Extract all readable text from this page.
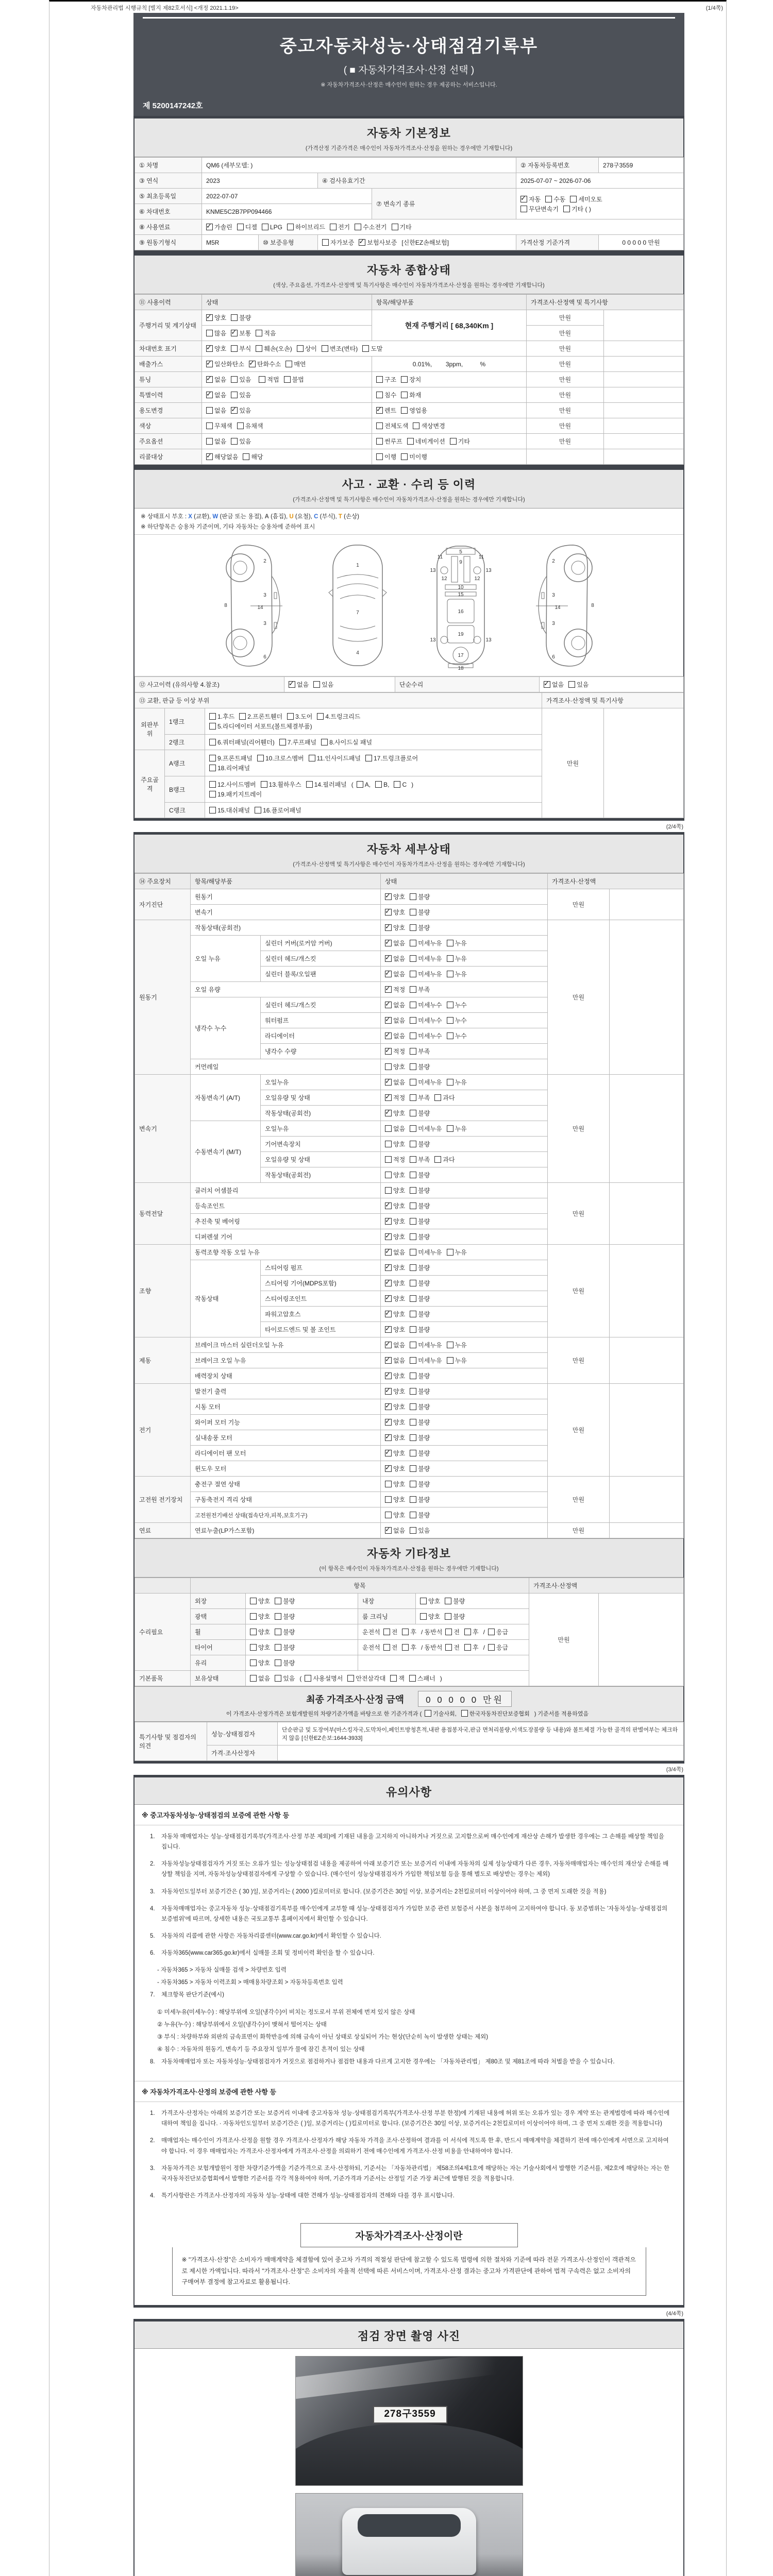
자동차관리법 시행규칙 [별지 제82호서식] <개정 2021.1.19>	(1/4쪽)
중고자동차성능·상태점검기록부
( ■ 자동차가격조사·산정 선택 )
※ 자동차가격조사·산정은 매수인이 원하는 경우 제공하는 서비스입니다.
제 5200147242호
자동차 기본정보
(가격산정 기준가격은 매수인이 자동차가격조사·산정을 원하는 경우에만 기재합니다)
① 차명	QM6 (세부모델: )				② 자동차등록번호	278구3559
③ 연식	2023		④ 검사유효기간		2025-07-07 ~ 2026-07-06	
⑤ 최초등록일	2022-07-07			⑦ 변속기 종류	
✓자동 수동 세미오토
무단변속기 기타 ( )

⑥ 차대번호	KNME5C2B7PP094466					
⑧ 사용연료	✓가솔린 디젤 LPG 하이브리드 전기 수소전기 기타
⑨ 원동기형식	M5R	⑩ 보증유형	자가보증 ✓ 보험사보증 [신한EZ손해보험]		가격산정 기준가격	0 0 0 0 0 만원
자동차 종합상태
(색상, 주요옵션, 가격조사·산정액 및 특기사항은 매수인이 자동차가격조사·산정을 원하는 경우에만 기재합니다)
⑪ 사용이력	상태	항목/해당부품	가격조사·산정액 및 특기사항	
주행거리 및 계기상태	✓양호 불량	현재 주행거리 [ 68,340Km ]	만원	
	많음 ✓ 보통 적음		만원	
차대번호 표기	✓양호 부식 훼손(오손) 상이 변조(변타) 도말		만원	
배출가스	✓일산화탄소 ✓ 탄화수소 매연	0.01%,        3ppm,          %	만원	
튜닝	✓없음 있음 적법 불법	구조 장치	만원	
특별이력	✓없음 있음	침수 화재	만원	
용도변경	없음 ✓ 있음	✓렌트 영업용	만원	
색상	무채색 유채색	전체도색 색상변경	만원	
주요옵션	없음 있음	썬루프 네비게이션 기타	만원	
리콜대상	✓해당없음 해당	이행 미이행		
사고 · 교환 · 수리 등 이력
(가격조사·산정액 및 특기사항은 매수인이 자동차가격조사·산정을 원하는 경우에만 기재합니다)
※ 상태표시 부호 : X (교환), W (판금 또는 용접), A (흠집), U (요철), C (부식), T (손상)
※ 하단항목은 승용차 기준이며, 기타 자동차는 승용차에 준하여 표시
2
3
14
3
6
8
1
7
4
5
9
11	11
12	12
10
15
16
13	13
13	13
19
17
18
2
3
14
3
6
8
⑫ 사고이력 (유의사항 4.참조)	✓없음 있음	단순수리	✓없음 있음
⑬ 교환, 판금 등 이상 부위			가격조사·산정액 및 특기사항	
외판부위	1랭크	1.후드 2.프론트휀더 3.도어 4.트렁크리드
5.라디에이터 서포트(볼트체결부품)	만원	
	2랭크	6.쿼터패널(리어휀더) 7.루프패널 8.사이드실 패널		
주요골격	A랭크	9.프론트패널 10.크로스멤버 11.인사이드패널 17.트렁크플로어
18.리어패널		

	B랭크	12.사이드멤버 13.휠하우스 14.필러패널 ( A, B, C )
19.패키지트레이		

	C랭크	15.대쉬패널 16.플로어패널		
(2/4쪽)
자동차 세부상태
(가격조사·산정액 및 특기사항은 매수인이 자동차가격조사·산정을 원하는 경우에만 기재합니다)
⑭ 주요장치	항목/해당부품		상태	가격조사·산정액	
자기진단	원동기	✓양호 불량	만원	
	변속기	✓양호 불량
원동기	작동상태(공회전)	✓양호 불량	만원	
	오일 누유	실린더 커버(로커암 커버)	✓없음 미세누유 누유
		실린더 헤드/개스킷	✓없음 미세누유 누유
		실린더 블록/오일팬	✓없음 미세누유 누유
	오일 유량	✓적정 부족
	냉각수 누수	실린더 헤드/개스킷	✓없음 미세누수 누수
		워터펌프	✓없음 미세누수 누수
		라디에이터	✓없음 미세누수 누수
		냉각수 수량	✓적정 부족
	커먼레일		양호 불량		
변속기	자동변속기 (A/T)	오일누유	✓없음 미세누유 누유	만원	
		오일유량 및 상태	✓적정 부족 과다
		작동상태(공회전)	✓양호 불량
	수동변속기 (M/T)	오일누유	없음 미세누유 누유		
		기어변속장치	양호 불량		
		오일유량 및 상태	적정 부족 과다		
		작동상태(공회전)	양호 불량		
동력전달	클러치 어셈블리		양호 불량	만원	
	등속조인트	✓양호 불량
	추진축 및 베어링	✓양호 불량
	디퍼렌셜 기어	✓양호 불량
조향	동력조향 작동 오일 누유	✓없음 미세누유 누유	만원	
	작동상태	스티어링 펌프	✓양호 불량
		스티어링 기어(MDPS포함)	✓양호 불량
		스티어링조인트	✓양호 불량
		파워고압호스	✓양호 불량
		타이로드엔드 및 볼 조인트	✓양호 불량
제동	브레이크 마스터 실린더오일 누유	✓없음 미세누유 누유	만원	
	브레이크 오일 누유	✓없음 미세누유 누유
	배력장치 상태	✓양호 불량
전기	발전기 출력	✓양호 불량	만원	
	시동 모터	✓양호 불량
	와이퍼 모터 기능	✓양호 불량
	실내송풍 모터	✓양호 불량
	라디에이터 팬 모터	✓양호 불량
	윈도우 모터	✓양호 불량
고전원 전기장치	충전구 절연 상태		양호 불량	만원	
	구동축전지 격리 상태		양호 불량		
	고전원전기배선 상태(접속단자,피복,보호기구)		양호 불량		
연료	연료누출(LP가스포함)	✓없음 있음	만원	
자동차 기타정보
(이 항목은 매수인이 자동차가격조사·산정을 원하는 경우에만 기재합니다)
	항목				가격조사·산정액	
수리필요	외장	양호 불량	내장	양호 불량	만원	
	광택	양호 불량	룸 크리닝	양호 불량		
	휠	양호 불량	운전석 전 후 / 동반석 전 후 / 응급			
	타이어	양호 불량	운전석 전 후 / 동반석 전 후 / 응급			
	유리	양호 불량				
기본품목	보유상태	없음 있음 ( 사용설명서 안전삼각대 잭 스패너 )				
최종 가격조사·산정 금액 0 0 0 0 0 만원
이 가격조사·산정가격은 보험개발원의 차량기준가액을 바탕으로 한 기준가격과 ( 기술사회, 한국자동차진단보증협회 ) 기준서를 적용하였음
특기사항 및 점검자의 의견	성능·상태점검자	단순판금 및 도장여부(마스킹자국,도막차이,페인트방청흔적,내판 용접봉자국,판금 면처리불량,이색도장불량 등 내용)와 볼트체결 가능한 골격의 판별여부는 체크하지 않음 [신한EZ손보:1644-3933]
	가격·조사산정자	
(3/4쪽)
유의사항
※ 중고자동차성능·상태점검의 보증에 관한 사항 등
1.	자동차 매매업자는 성능·상태점검기록부(가격조사·산정 부분 제외)에 기재된 내용을 고지하지 아니하거나 거짓으로 고지함으로써 매수인에게 재산상 손해가 발생한 경우에는 그 손해를 배상할 책임을 집니다.
2.	자동차성능상태점검자가 거짓 또는 오류가 있는 성능상태점검 내용을 제공하여 아래 보증기간 또는 보증거리 이내에 자동차의 실제 성능상태가 다른 경우, 자동차매매업자는 매수인의 재산상 손해를 배상할 책임을 지며, 자동차성능상태점검자에게 구상할 수 있습니다. (매수인이 성능상태점검자가 가입한 책임보험 등을 통해 별도로 배상받는 경우는 제외)
3.	자동차인도일부터 보증기간은 ( 30 )일, 보증거리는 ( 2000 )킬로미터로 합니다. (보증기간은 30일 이상, 보증거리는 2천킬로미터 이상이어야 하며, 그 중 먼저 도래한 것을 적용)
4.	자동차매매업자는 중고자동차 성능·상태점검기록부를 매수인에게 교부할 때 성능·상태점검자가 가입한 보증 관련 보험증서 사본을 첨부하여 고지하여야 합니다. 동 보증범위는 '자동차성능·상태점검의 보증범위'에 따르며, 상세한 내용은 국토교통부 홈페이지에서 확인할 수 있습니다.
5.	자동차의 리콜에 관한 사항은 자동차리콜센터(www.car.go.kr)에서 확인할 수 있습니다.
6.	자동차365(www.car365.go.kr)에서 실매물 조회 및 정비이력 확인을 할 수 있습니다.
- 자동차365 > 자동차 실매물 검색 > 차량번호 입력
- 자동차365 > 자동차 이력조회 > 매매용차량조회 > 자동차등록번호 입력
7.	체크항목 판단기준(예시)
① 미세누유(미세누수) : 해당부위에 오일(냉각수)이 비치는 정도로서 부위 전체에 번져 있지 않은 상태
② 누유(누수) : 해당부위에서 오일(냉각수)이 맺혀서 떨어지는 상태
③ 부식 : 차량하부와 외판의 금속표면이 화학반응에 의해 금속이 아닌 상태로 상실되어 가는 현상(단순히 녹이 발생한 상태는 제외)
④ 침수 : 자동차의 원동기, 변속기 등 주요장치 일부가 물에 잠긴 흔적이 있는 상태
8.	자동차매매업자 또는 자동차성능·상태점검자가 거짓으로 점검하거나 점검한 내용과 다르게 고지한 경우에는 「자동차관리법」 제80조 및 제81조에 따라 처벌을 받을 수 있습니다.
※ 자동차가격조사·산정의 보증에 관한 사항 등
1.	가격조사·산정자는 아래의 보증기간 또는 보증거리 이내에 중고자동차 성능·상태점검기록부(가격조사·산정 부분 한정)에 기재된 내용에 허위 또는 오류가 있는 경우 계약 또는 관계법령에 따라 매수인에 대하여 책임을 집니다. · 자동차인도일부터 보증기간은 ( )일, 보증거리는 ( )킬로미터로 합니다. (보증기간은 30일 이상, 보증거리는 2천킬로미터 이상이어야 하며, 그 중 먼저 도래한 것을 적용합니다)
2.	매매업자는 매수인이 가격조사·산정을 원할 경우 가격조사·산정자가 해당 자동차 가격을 조사·산정하여 결과를 이 서식에 적도록 한 후, 반드시 매매계약을 체결하기 전에 매수인에게 서면으로 고지하여야 합니다. 이 경우 매매업자는 가격조사·산정자에게 가격조사·산정을 의뢰하기 전에 매수인에게 가격조사·산정 비용을 안내하여야 합니다.
3.	자동차가격은 보험개발원이 정한 차량기준가액을 기준가격으로 조사·산정하되, 기준서는 「자동차관리법」 제58조의4제1호에 해당하는 자는 기술사회에서 발행한 기준서를, 제2호에 해당하는 자는 한국자동차진단보증협회에서 발행한 기준서를 각각 적용하여야 하며, 기준가격과 기준서는 산정일 기준 가장 최근에 발행된 것을 적용합니다.
4.	특기사항란은 가격조사·산정자의 자동차 성능·상태에 대한 견해가 성능·상태점검자의 견해와 다를 경우 표시합니다.
자동차가격조사·산정이란
※ "가격조사·산정"은 소비자가 매매계약을 체결함에 있어 중고차 가격의 적절성 판단에 참고할 수 있도록 법령에 의한 절차와 기준에 따라 전문 가격조사·산정인이 객관적으로 제시한 가액입니다. 따라서 "가격조사·산정"은 소비자의 자율적 선택에 따른 서비스이며, 가격조사·산정 결과는 중고차 가격판단에 관하여 법적 구속력은 없고 소비자의 구매여부 결정에 참고자료로 활용됩니다.
(4/4쪽)
점검 장면 촬영 사진
278구3559
